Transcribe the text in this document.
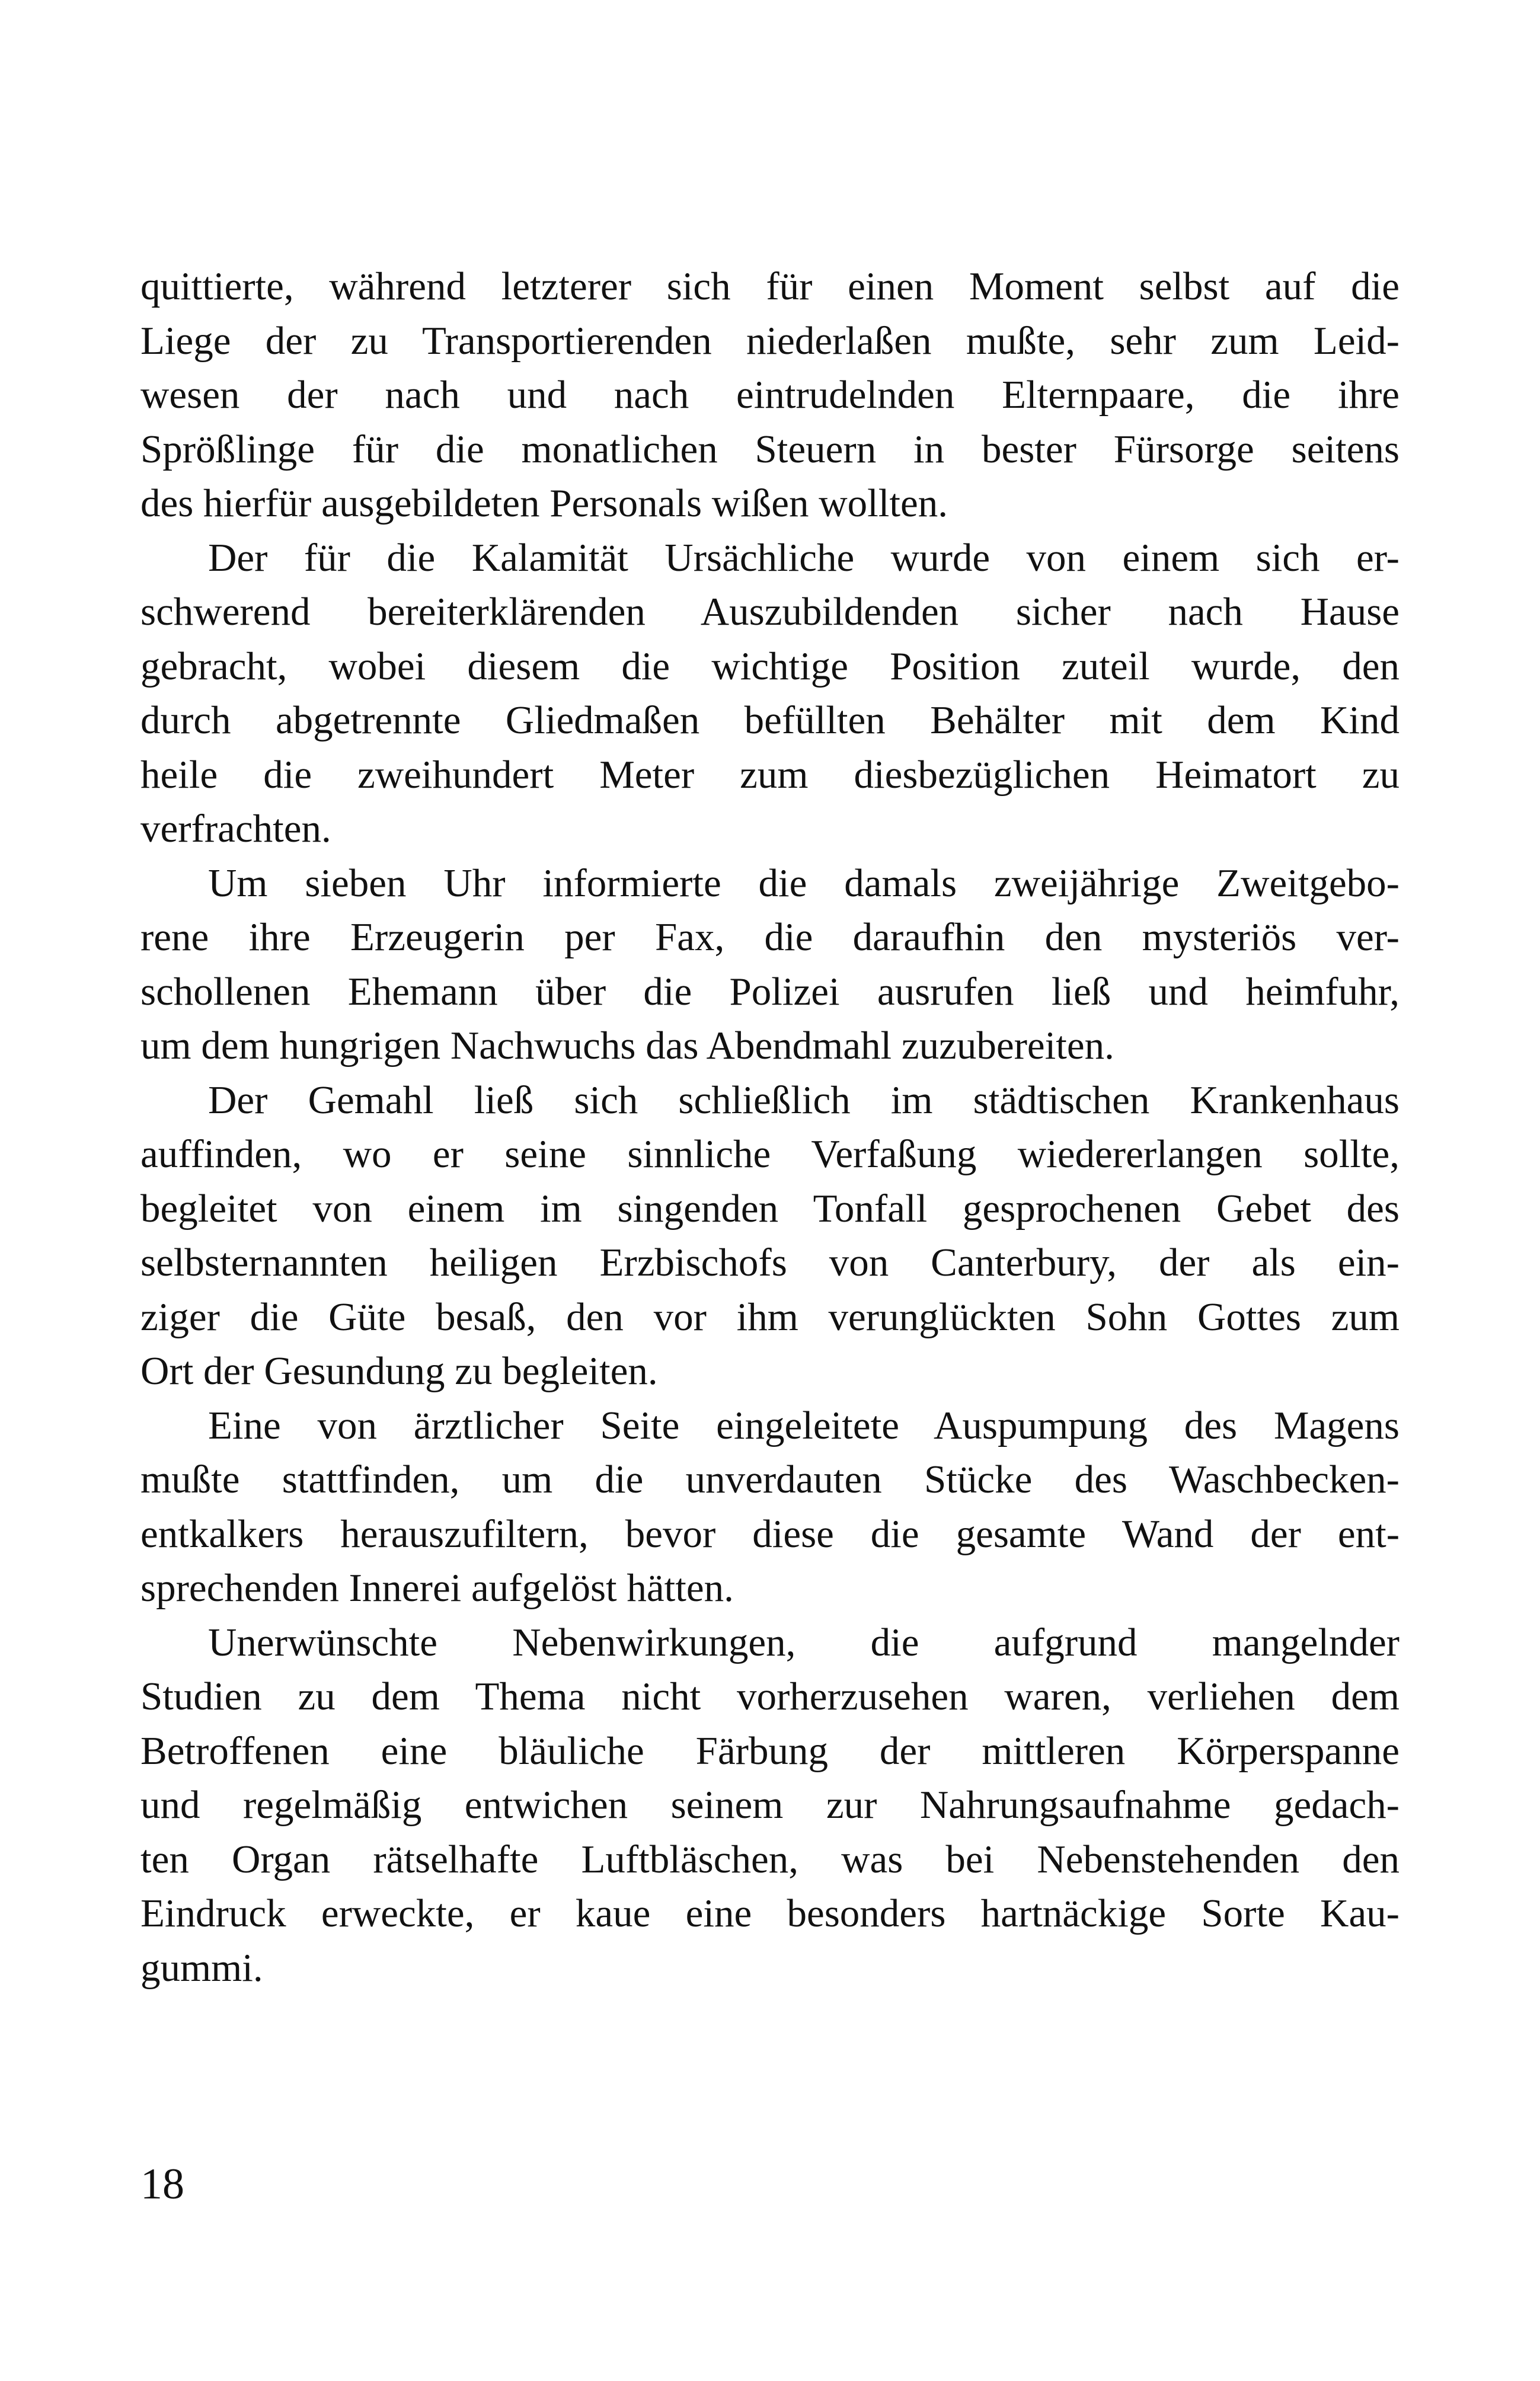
quittierte, während letzterer sich für einen Moment selbst auf die
Liege der zu Transportierenden niederlaßen mußte, sehr zum Leid-
wesen der nach und nach eintrudelnden Elternpaare, die ihre
Sprößlinge für die monatlichen Steuern in bester Fürsorge seitens
des hierfür ausgebildeten Personals wißen wollten.
Der für die Kalamität Ursächliche wurde von einem sich er-
schwerend bereiterklärenden Auszubildenden sicher nach Hause
gebracht, wobei diesem die wichtige Position zuteil wurde, den
durch abgetrennte Gliedmaßen befüllten Behälter mit dem Kind
heile die zweihundert Meter zum diesbezüglichen Heimatort zu
verfrachten.
Um sieben Uhr informierte die damals zweijährige Zweitgebo-
rene ihre Erzeugerin per Fax, die daraufhin den mysteriös ver-
schollenen Ehemann über die Polizei ausrufen ließ und heimfuhr,
um dem hungrigen Nachwuchs das Abendmahl zuzubereiten.
Der Gemahl ließ sich schließlich im städtischen Krankenhaus
auffinden, wo er seine sinnliche Verfaßung wiedererlangen sollte,
begleitet von einem im singenden Tonfall gesprochenen Gebet des
selbsternannten heiligen Erzbischofs von Canterbury, der als ein-
ziger die Güte besaß, den vor ihm verunglückten Sohn Gottes zum
Ort der Gesundung zu begleiten.
Eine von ärztlicher Seite eingeleitete Auspumpung des Magens
mußte stattfinden, um die unverdauten Stücke des Waschbecken-
entkalkers herauszufiltern, bevor diese die gesamte Wand der ent-
sprechenden Innerei aufgelöst hätten.
Unerwünschte Nebenwirkungen, die aufgrund mangelnder
Studien zu dem Thema nicht vorherzusehen waren, verliehen dem
Betroffenen eine bläuliche Färbung der mittleren Körperspanne
und regelmäßig entwichen seinem zur Nahrungsaufnahme gedach-
ten Organ rätselhafte Luftbläschen, was bei Nebenstehenden den
Eindruck erweckte, er kaue eine besonders hartnäckige Sorte Kau-
gummi.
18
